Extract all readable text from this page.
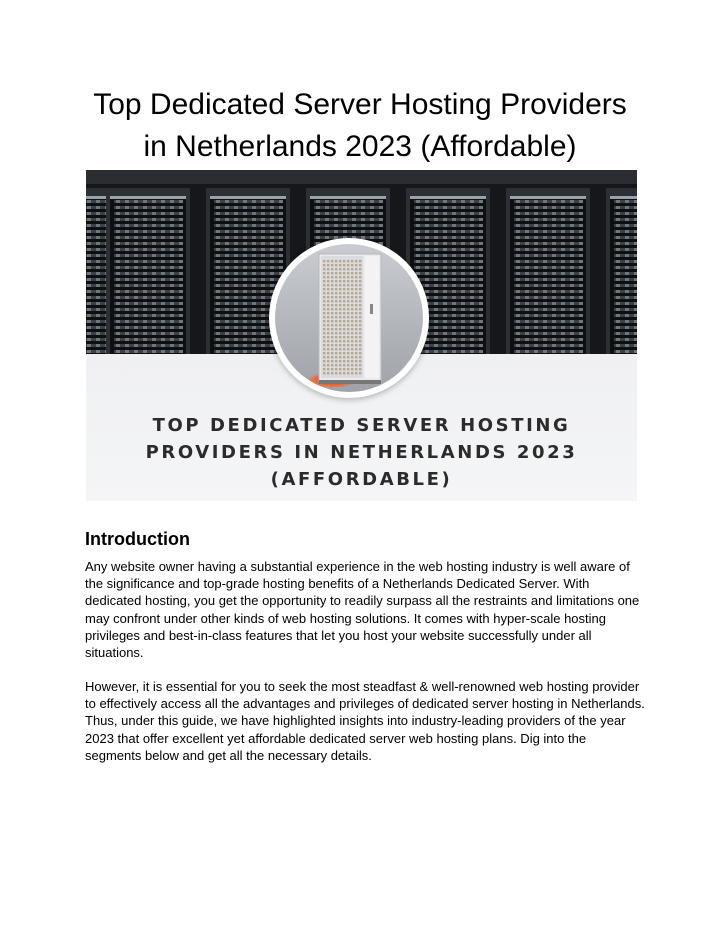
Top Dedicated Server Hosting Providers
in Netherlands 2023 (Affordable)
TOP DEDICATED SERVER HOSTING
PROVIDERS IN NETHERLANDS 2023
(AFFORDABLE)
Introduction

Any website owner having a substantial experience in the web hosting industry is well aware of the significance and top-grade hosting benefits of a Netherlands Dedicated Server. With dedicated hosting, you get the opportunity to readily surpass all the restraints and limitations one may confront under other kinds of web hosting solutions. It comes with hyper-scale hosting privileges and best-in-class features that let you host your website successfully under all situations.

However, it is essential for you to seek the most steadfast & well-renowned web hosting provider to effectively access all the advantages and privileges of dedicated server hosting in Netherlands. Thus, under this guide, we have highlighted insights into industry-leading providers of the year 2023 that offer excellent yet affordable dedicated server web hosting plans. Dig into the segments below and get all the necessary details.
